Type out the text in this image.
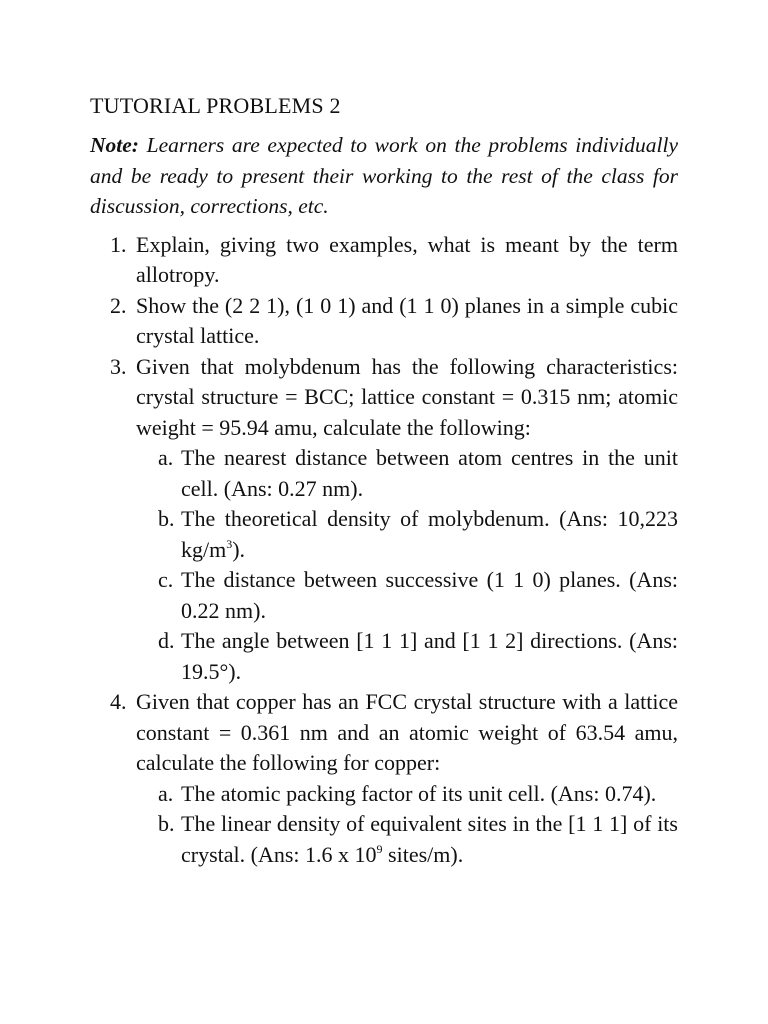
TUTORIAL PROBLEMS 2

Note: Learners are expected to work on the problems individually and be ready to present their working to the rest of the class for discussion, corrections, etc.

1. Explain, giving two examples, what is meant by the term allotropy.
2. Show the (2 2 1), (1 0 1) and (1 1 0) planes in a simple cubic crystal lattice.
3. Given that molybdenum has the following characteristics: crystal structure = BCC; lattice constant = 0.315 nm; atomic weight = 95.94 amu, calculate the following:
a. The nearest distance between atom centres in the unit cell. (Ans: 0.27 nm).
b. The theoretical density of molybdenum. (Ans: 10,223 $kg/m^3$).
c. The distance between successive (1 1 0) planes. (Ans: 0.22 nm).
d. The angle between [1 1 1] and [1 1 2] directions. (Ans: 19.5°).
4. Given that copper has an FCC crystal structure with a lattice constant = 0.361 nm and an atomic weight of 63.54 amu, calculate the following for copper:
a. The atomic packing factor of its unit cell. (Ans: 0.74).
b. The linear density of equivalent sites in the [1 1 1] of its crystal. (Ans: 1.6 x $10^9$ sites/m).
